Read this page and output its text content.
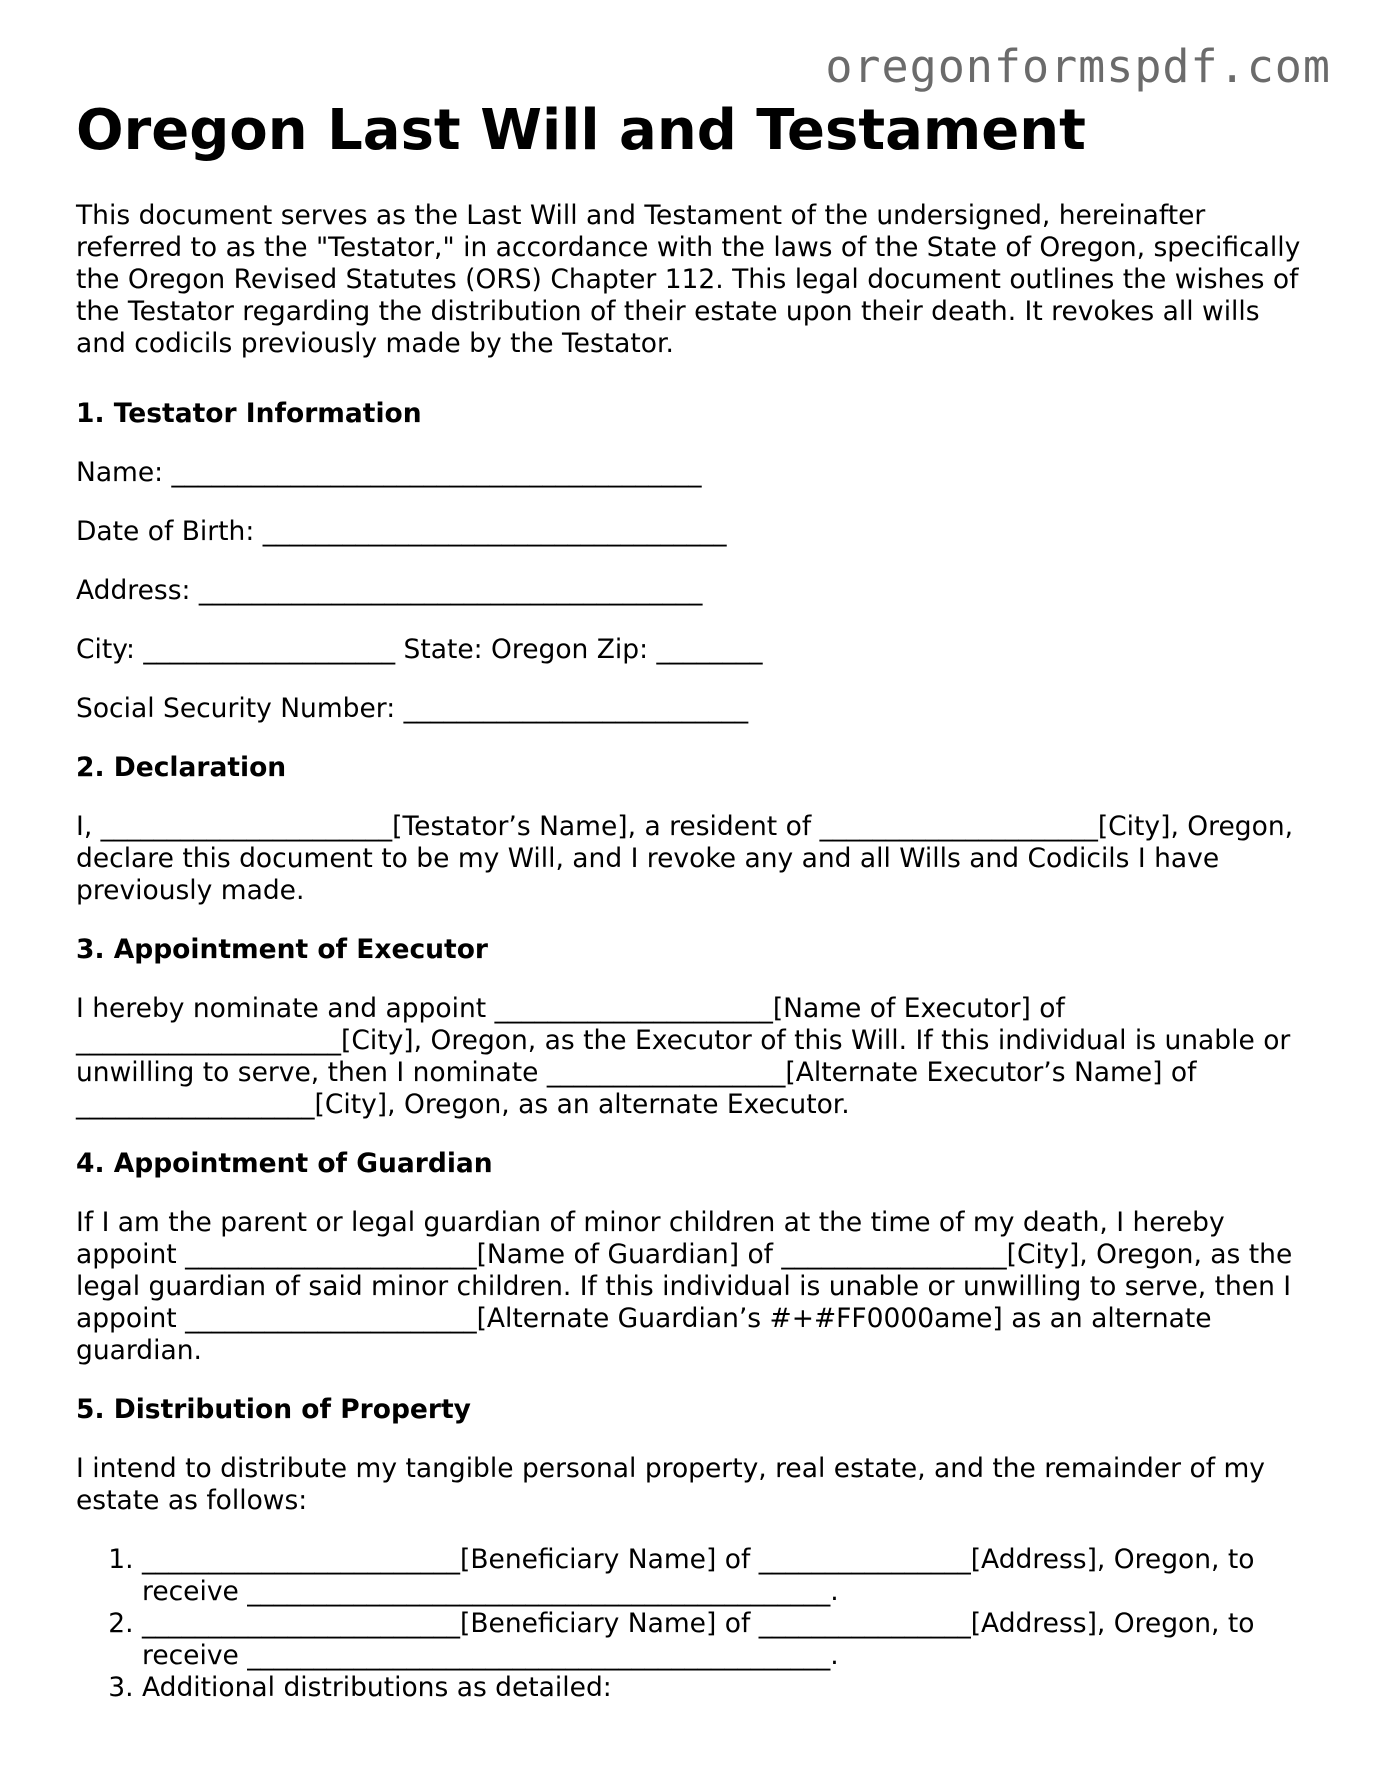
oregonformspdf.com
Oregon Last Will and Testament

This document serves as the Last Will and Testament of the undersigned, hereinafter referred to as the "Testator," in accordance with the laws of the State of Oregon, specifically the Oregon Revised Statutes (ORS) Chapter 112. This legal document outlines the wishes of the Testator regarding the distribution of their estate upon their death. It revokes all wills and codicils previously made by the Testator.

1. Testator Information

Name: ________________________________________

Date of Birth: ___________________________________

Address: ______________________________________

City: ___________________ State: Oregon Zip: ________

Social Security Number: __________________________

2. Declaration

I, ______________________[Testator’s Name], a resident of _____________________[City], Oregon, declare this document to be my Will, and I revoke any and all Wills and Codicils I have previously made.

3. Appointment of Executor

I hereby nominate and appoint _____________________[Name of Executor] of ____________________[City], Oregon, as the Executor of this Will. If this individual is unable or unwilling to serve, then I nominate __________________[Alternate Executor’s Name] of __________________[City], Oregon, as an alternate Executor.

4. Appointment of Guardian

If I am the parent or legal guardian of minor children at the time of my death, I hereby appoint ______________________[Name of Guardian] of _________________[City], Oregon, as the legal guardian of said minor children. If this individual is unable or unwilling to serve, then I appoint ______________________[Alternate Guardian’s #+#FF0000ame] as an alternate guardian.

5. Distribution of Property

I intend to distribute my tangible personal property, real estate, and the remainder of my estate as follows:

1. ________________________[Beneficiary Name] of ________________[Address], Oregon, to receive ____________________________________________.
2. ________________________[Beneficiary Name] of ________________[Address], Oregon, to receive ____________________________________________.
3. Additional distributions as detailed:
